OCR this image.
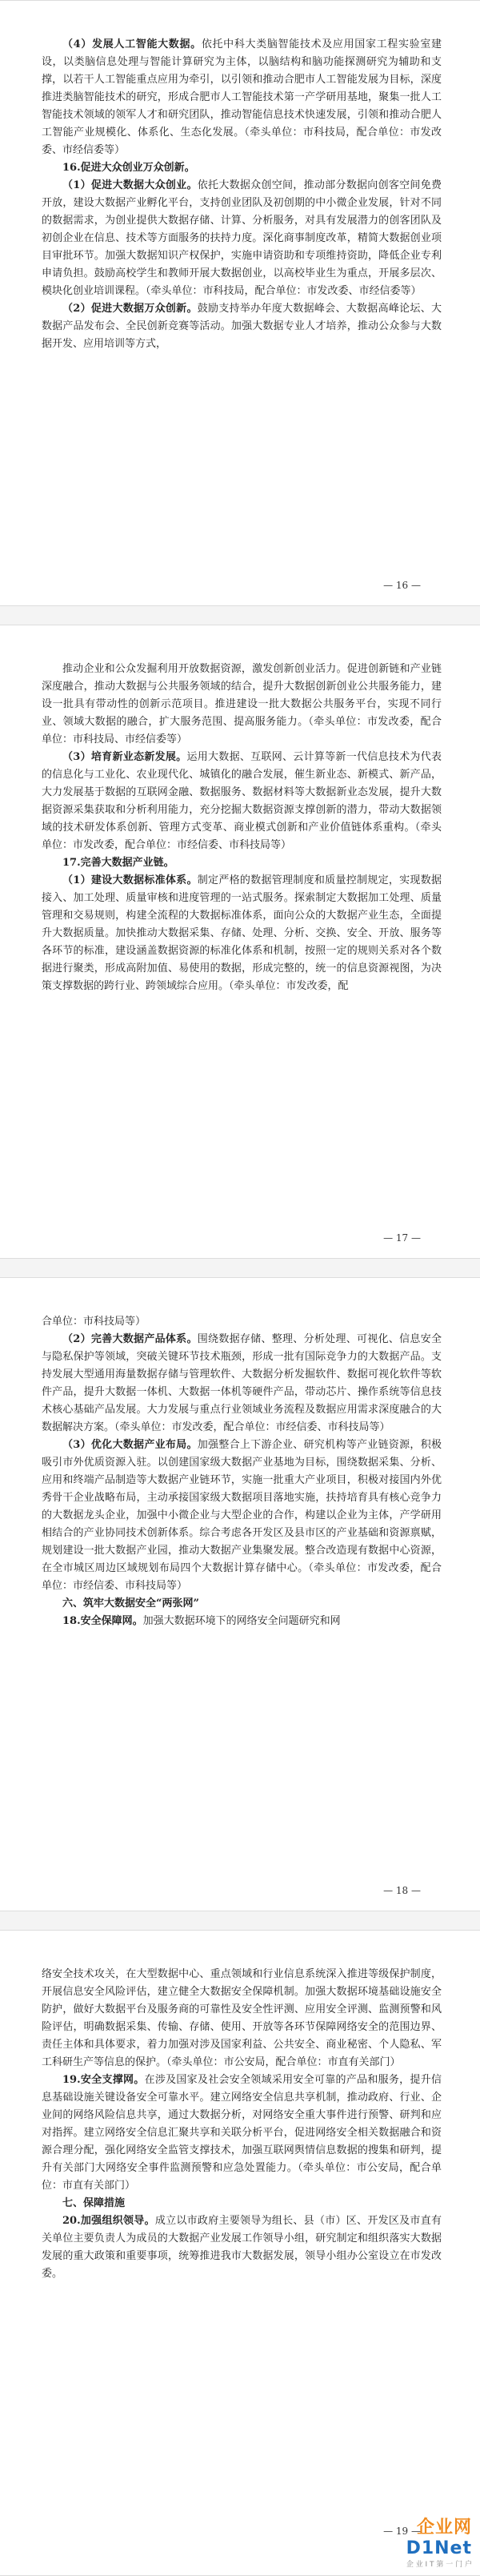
（4）发展人工智能大数据。依托中科大类脑智能技术及应用国家工程实验室建设，以类脑信息处理与智能计算研究为主体，以脑结构和脑功能探测研究为辅助和支撑，以若干人工智能重点应用为牵引，以引领和推动合肥市人工智能发展为目标，深度推进类脑智能技术的研究，形成合肥市人工智能技术第一产学研用基地，聚集一批人工智能技术领域的领军人才和研究团队，推动智能信息技术快速发展，引领和推动合肥人工智能产业规模化、体系化、生态化发展。（牵头单位：市科技局，配合单位：市发改委、市经信委等）

16.促进大众创业万众创新。

（1）促进大数据大众创业。依托大数据众创空间，推动部分数据向创客空间免费开放，建设大数据产业孵化平台，支持创业团队及初创期的中小微企业发展，针对不同的数据需求，为创业提供大数据存储、计算、分析服务，对具有发展潜力的创客团队及初创企业在信息、技术等方面服务的扶持力度。深化商事制度改革，精简大数据创业项目审批环节。加强大数据知识产权保护，实施申请资助和专项维持资助，降低企业专利申请负担。鼓励高校学生和教师开展大数据创业，以高校毕业生为重点，开展多层次、模块化创业培训课程。（牵头单位：市科技局，配合单位：市发改委、市经信委等）

（2）促进大数据万众创新。鼓励支持举办年度大数据峰会、大数据高峰论坛、大数据产品发布会、全民创新竞赛等活动。加强大数据专业人才培养，推动公众参与大数据开发、应用培训等方式，

— 16 —

推动企业和公众发掘利用开放数据资源，激发创新创业活力。促进创新链和产业链深度融合，推动大数据与公共服务领域的结合，提升大数据创新创业公共服务能力，建设一批具有带动性的创新示范项目。推进建设一批大数据公共服务平台，实现不同行业、领域大数据的融合，扩大服务范围、提高服务能力。（牵头单位：市发改委，配合单位：市科技局、市经信委等）

（3）培育新业态新发展。运用大数据、互联网、云计算等新一代信息技术为代表的信息化与工业化、农业现代化、城镇化的融合发展，催生新业态、新模式、新产品，大力发展基于数据的互联网金融、数据服务、数据材料等大数据新业态发展，提升大数据资源采集获取和分析利用能力，充分挖掘大数据资源支撑创新的潜力，带动大数据领域的技术研发体系创新、管理方式变革、商业模式创新和产业价值链体系重构。（牵头单位：市发改委，配合单位：市经信委、市科技局等）

17.完善大数据产业链。

（1）建设大数据标准体系。制定严格的数据管理制度和质量控制规定，实现数据接入、加工处理、质量审核和进度管理的一站式服务。探索制定大数据加工处理、质量管理和交易规则，构建全流程的大数据标准体系，面向公众的大数据产业生态，全面提升大数据质量。加快推动大数据采集、存储、处理、分析、交换、安全、开放、服务等各环节的标准，建设涵盖数据资源的标准化体系和机制，按照一定的规则关系对各个数据进行聚类，形成高附加值、易使用的数据，形成完整的，统一的信息资源视图，为决策支撑数据的跨行业、跨领域综合应用。（牵头单位：市发改委，配

— 17 —

合单位：市科技局等）

（2）完善大数据产品体系。围绕数据存储、整理、分析处理、可视化、信息安全与隐私保护等领域，突破关键环节技术瓶颈，形成一批有国际竞争力的大数据产品。支持发展大型通用海量数据存储与管理软件、大数据分析发掘软件、数据可视化软件等软件产品，提升大数据一体机、大数据一体机等硬件产品，带动芯片、操作系统等信息技术核心基础产品发展。大力发展与重点行业领域业务流程及数据应用需求深度融合的大数据解决方案。（牵头单位：市发改委，配合单位：市经信委、市科技局等）

（3）优化大数据产业布局。加强整合上下游企业、研究机构等产业链资源，积极吸引市外优质资源入驻。以创建国家级大数据产业基地为目标，围绕数据采集、分析、应用和终端产品制造等大数据产业链环节，实施一批重大产业项目，积极对接国内外优秀骨干企业战略布局，主动承接国家级大数据项目落地实施，扶持培育具有核心竞争力的大数据龙头企业，加强中小微企业与大型企业的合作，构建以企业为主体，产学研用相结合的产业协同技术创新体系。综合考虑各开发区及县市区的产业基础和资源禀赋，规划建设一批大数据产业园，推动大数据产业集聚发展。整合改造现有数据中心资源，在全市城区周边区域规划布局四个大数据计算存储中心。（牵头单位：市发改委，配合单位：市经信委、市科技局等）

六、筑牢大数据安全“两张网”

18.安全保障网。加强大数据环境下的网络安全问题研究和网

— 18 —

络安全技术攻关，在大型数据中心、重点领域和行业信息系统深入推进等级保护制度，开展信息安全风险评估，建立健全大数据安全保障机制。加强大数据环境基础设施安全防护，做好大数据平台及服务商的可靠性及安全性评测、应用安全评测、监测预警和风险评估，明确数据采集、传输、存储、使用、开放等各环节保障网络安全的范围边界、责任主体和具体要求，着力加强对涉及国家利益、公共安全、商业秘密、个人隐私、军工科研生产等信息的保护。（牵头单位：市公安局，配合单位：市直有关部门）

19.安全支撑网。在涉及国家及社会安全领域采用安全可靠的产品和服务，提升信息基础设施关键设备安全可靠水平。建立网络安全信息共享机制，推动政府、行业、企业间的网络风险信息共享，通过大数据分析，对网络安全重大事件进行预警、研判和应对指挥。建立网络安全信息汇聚共享和关联分析平台，促进网络安全相关数据融合和资源合理分配，强化网络安全监管支撑技术，加强互联网舆情信息数据的搜集和研判，提升有关部门大网络安全事件监测预警和应急处置能力。（牵头单位：市公安局，配合单位：市直有关部门）

七、保障措施

20.加强组织领导。成立以市政府主要领导为组长、县（市）区、开发区及市直有关单位主要负责人为成员的大数据产业发展工作领导小组，研究制定和组织落实大数据发展的重大政策和重要事项，统筹推进我市大数据发展，领导小组办公室设立在市发改委。

— 19 —
企业网D1Net
企 业 I T 第 一 门 户
